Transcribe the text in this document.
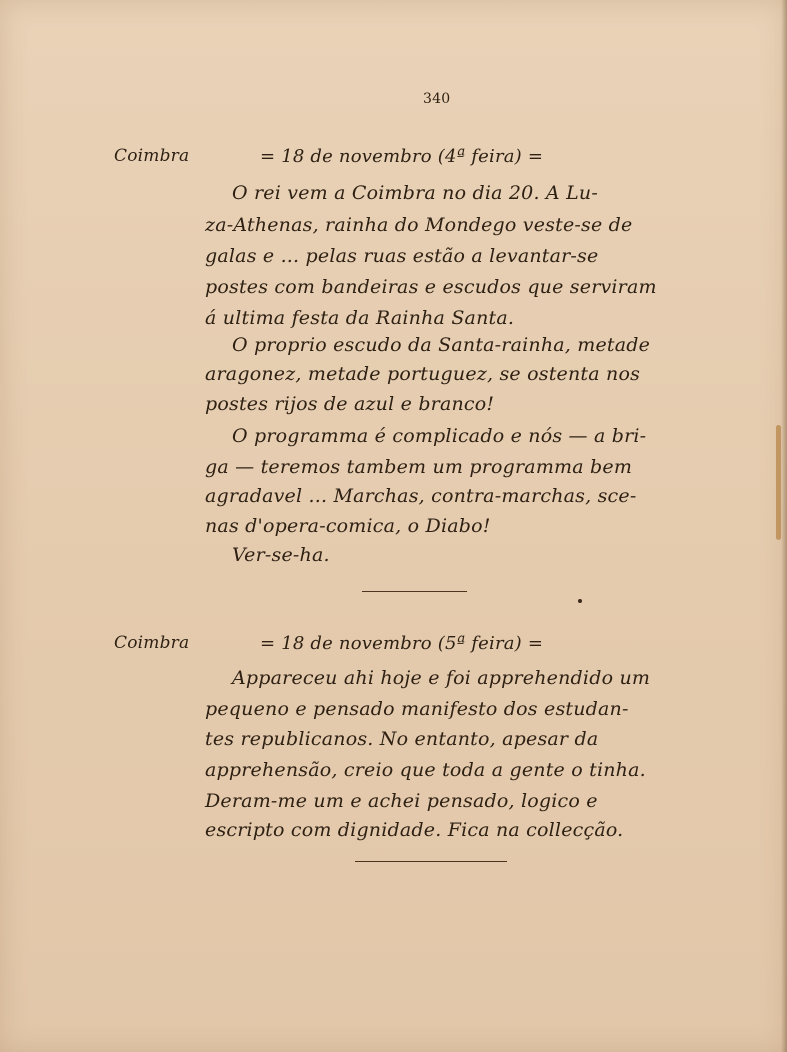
340
Coimbra	= 18 de novembro (4ª feira) =
O rei vem a Coimbra no dia 20. A Lu-
za-Athenas, rainha do Mondego veste-se de
galas e ... pelas ruas estão a levantar-se
postes com bandeiras e escudos que serviram
á ultima festa da Rainha Santa.
O proprio escudo da Santa-rainha, metade
aragonez, metade portuguez, se ostenta nos
postes rijos de azul e branco!
O programma é complicado e nós — a bri-
ga — teremos tambem um programma bem
agradavel ... Marchas, contra-marchas, sce-
nas d'opera-comica, o Diabo!
Ver-se-ha.
Coimbra	= 18 de novembro (5ª feira) =
Appareceu ahi hoje e foi apprehendido um
pequeno e pensado manifesto dos estudan-
tes republicanos. No entanto, apesar da
apprehensão, creio que toda a gente o tinha.
Deram-me um e achei pensado, logico e
escripto com dignidade. Fica na collecção.
